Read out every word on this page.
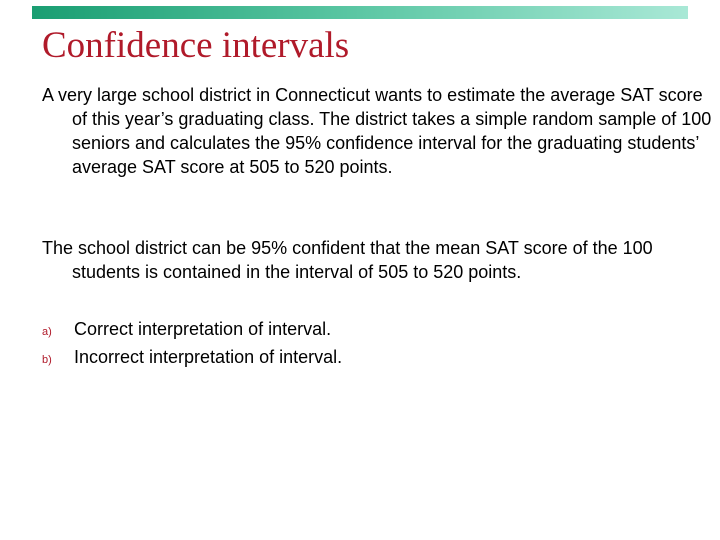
Confidence intervals

A very large school district in Connecticut wants to estimate the average SAT score of this year’s graduating class. The district takes a simple random sample of 100 seniors and calculates the 95% confidence interval for the graduating students’ average SAT score at 505 to 520 points.

The school district can be 95% confident that the mean SAT score of the 100 students is contained in the interval of 505 to 520 points.

a)	Correct interpretation of interval.
b)	Incorrect interpretation of interval.
